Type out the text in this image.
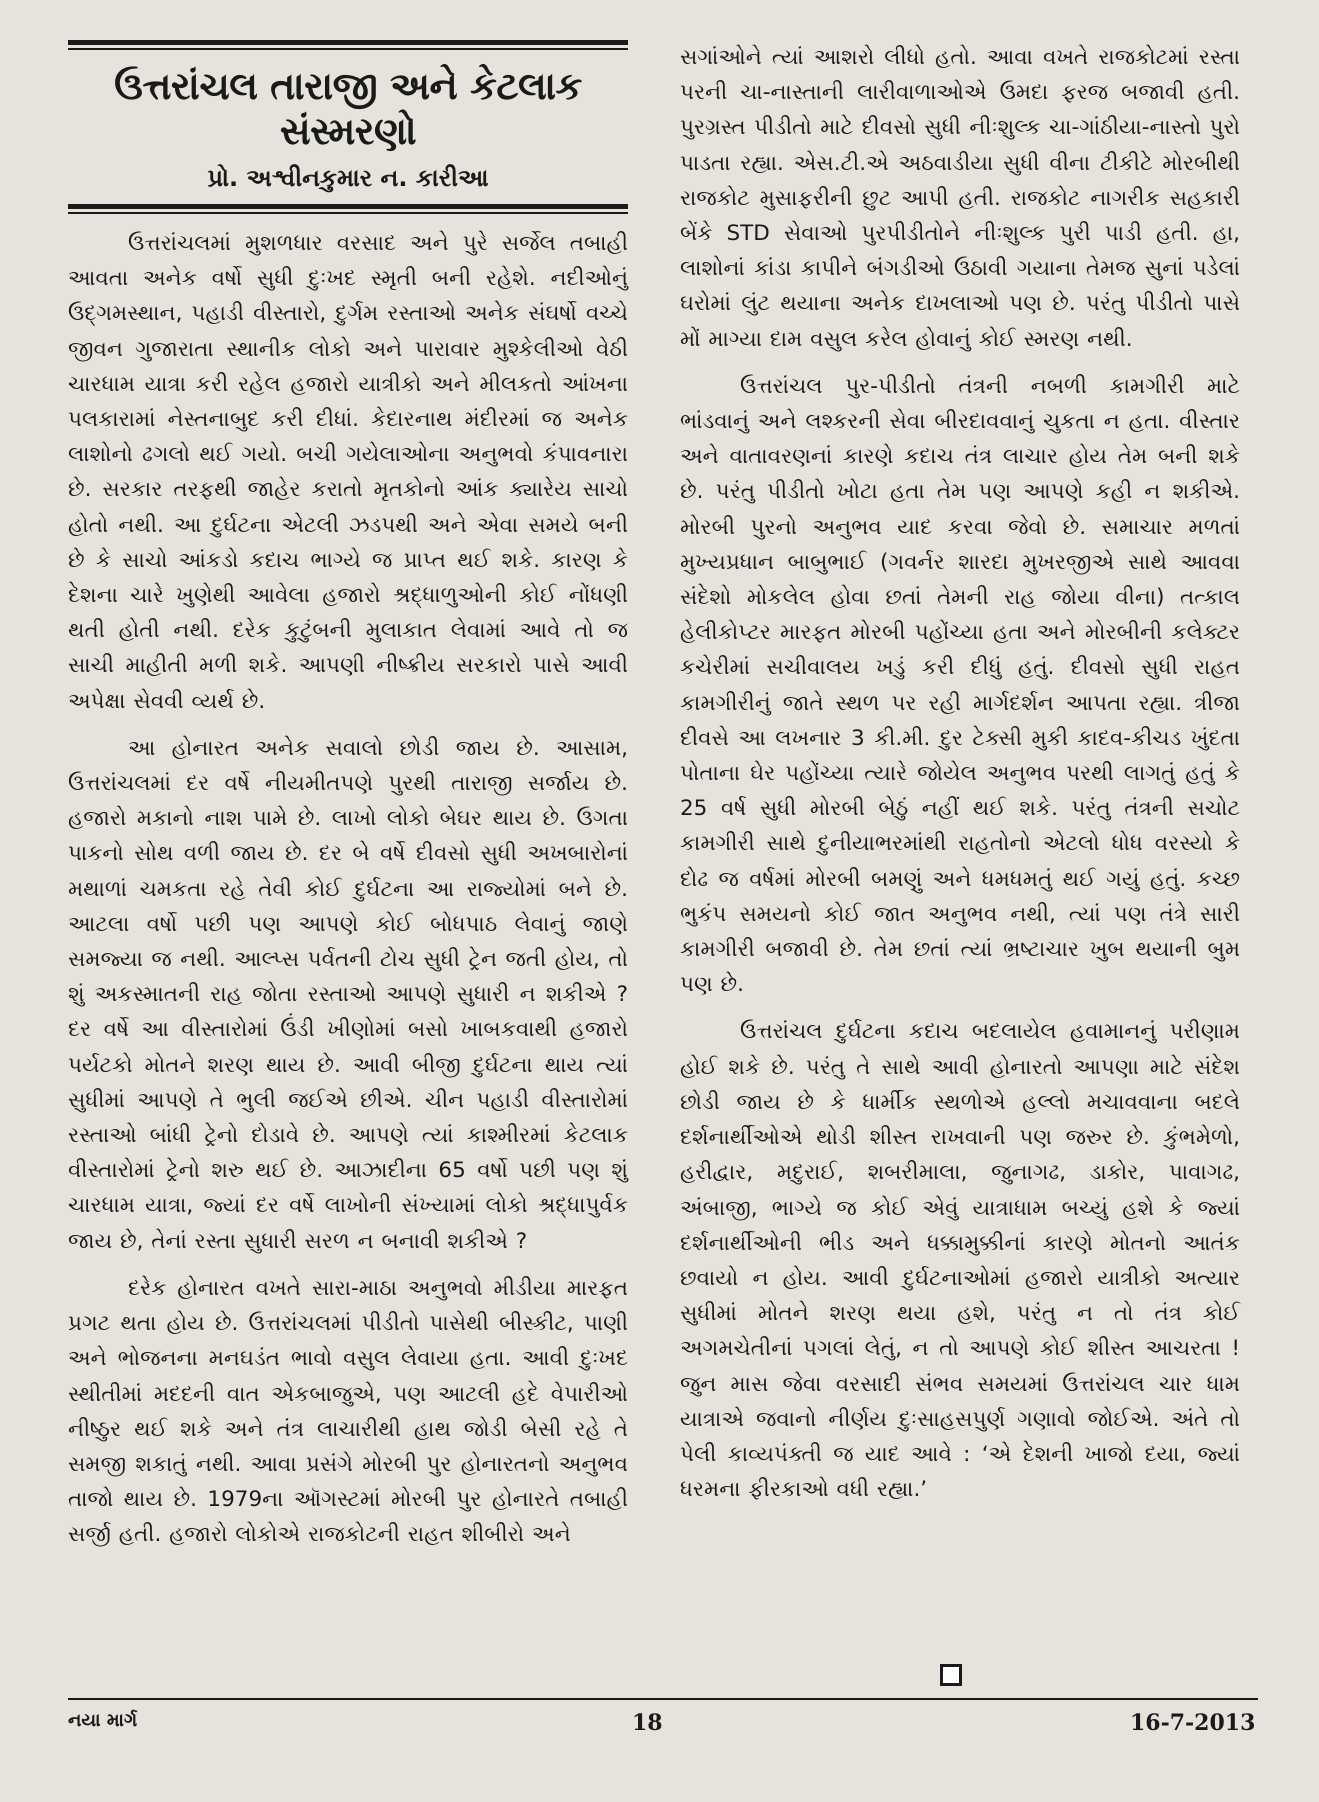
ઉત્તરાંચલ તારાજી અને કેટલાક સંસ્મરણો
પ્રો. અશ્વીનકુમાર ન. કારીઆ

ઉત્તરાંચલમાં મુશળધાર વરસાદ અને પુરે સર્જેલ તબાહી આવતા અનેક વર્ષો સુધી દુઃખદ સ્મૃતી બની રહેશે. નદીઓનું ઉદ્ગમસ્થાન, પહાડી વીસ્તારો, દુર્ગમ રસ્તાઓ અનેક સંઘર્ષો વચ્ચે જીવન ગુજારાતા સ્થાનીક લોકો અને પારાવાર મુશ્કેલીઓ વેઠી ચારધામ યાત્રા કરી રહેલ હજારો યાત્રીકો અને મીલકતો આંખના પલકારામાં નેસ્તનાબુદ કરી દીધાં. કેદારનાથ મંદીરમાં જ અનેક લાશોનો ઢગલો થઈ ગયો. બચી ગયેલાઓના અનુભવો કંપાવનારા છે. સરકાર તરફથી જાહેર કરાતો મૃતકોનો આંક ક્યારેય સાચો હોતો નથી. આ દુર્ઘટના એટલી ઝડપથી અને એવા સમયે બની છે કે સાચો આંકડો કદાચ ભાગ્યે જ પ્રાપ્ત થઈ શકે. કારણ કે દેશના ચારે ખુણેથી આવેલા હજારો શ્રદ્ધાળુઓની કોઈ નોંધણી થતી હોતી નથી. દરેક કુટુંબની મુલાકાત લેવામાં આવે તો જ સાચી માહીતી મળી શકે. આપણી નીષ્ક્રીય સરકારો પાસે આવી અપેક્ષા સેવવી વ્યર્થ છે.

આ હોનારત અનેક સવાલો છોડી જાય છે. આસામ, ઉત્તરાંચલમાં દર વર્ષે નીયમીતપણે પુરથી તારાજી સર્જાય છે. હજારો મકાનો નાશ પામે છે. લાખો લોકો બેઘર થાય છે. ઉગતા પાકનો સોથ વળી જાય છે. દર બે વર્ષે દીવસો સુધી અખબારોનાં મથાળાં ચમકતા રહે તેવી કોઈ દુર્ઘટના આ રાજ્યોમાં બને છે. આટલા વર્ષો પછી પણ આપણે કોઈ બોધપાઠ લેવાનું જાણે સમજ્યા જ નથી. આલ્પ્સ પર્વતની ટોચ સુધી ટ્રેન જતી હોય, તો શું અકસ્માતની રાહ જોતા રસ્તાઓ આપણે સુધારી ન શકીએ ? દર વર્ષે આ વીસ્તારોમાં ઉંડી ખીણોમાં બસો ખાબકવાથી હજારો પર્યટકો મોતને શરણ થાય છે. આવી બીજી દુર્ઘટના થાય ત્યાં સુધીમાં આપણે તે ભુલી જઈએ છીએ. ચીન પહાડી વીસ્તારોમાં રસ્તાઓ બાંધી ટ્રેનો દોડાવે છે. આપણે ત્યાં કાશ્મીરમાં કેટલાક વીસ્તારોમાં ટ્રેનો શરુ થઈ છે. આઝાદીના 65 વર્ષો પછી પણ શું ચારધામ યાત્રા, જ્યાં દર વર્ષે લાખોની સંખ્યામાં લોકો શ્રદ્ધાપુર્વક જાય છે, તેનાં રસ્તા સુધારી સરળ ન બનાવી શકીએ ?

દરેક હોનારત વખતે સારા-માઠા અનુભવો મીડીયા મારફત પ્રગટ થતા હોય છે. ઉત્તરાંચલમાં પીડીતો પાસેથી બીસ્કીટ, પાણી અને ભોજનના મનઘડંત ભાવો વસુલ લેવાયા હતા. આવી દુઃખદ સ્થીતીમાં મદદની વાત એકબાજુએ, પણ આટલી હદે વેપારીઓ નીષ્ઠુર થઈ શકે અને તંત્ર લાચારીથી હાથ જોડી બેસી રહે તે સમજી શકાતું નથી. આવા પ્રસંગે મોરબી પુર હોનારતનો અનુભવ તાજો થાય છે. 1979ના ઑગસ્ટમાં મોરબી પુર હોનારતે તબાહી સર્જી હતી. હજારો લોકોએ રાજકોટની રાહત શીબીરો અને

સગાંઓને ત્યાં આશરો લીધો હતો. આવા વખતે રાજકોટમાં રસ્તા પરની ચા-નાસ્તાની લારીવાળાઓએ ઉમદા ફરજ બજાવી હતી. પુરગ્રસ્ત પીડીતો માટે દીવસો સુધી નીઃશુલ્ક ચા-ગાંઠીયા-નાસ્તો પુરો પાડતા રહ્યા. એસ.ટી.એ અઠવાડીયા સુધી વીના ટીકીટે મોરબીથી રાજકોટ મુસાફરીની છુટ આપી હતી. રાજકોટ નાગરીક સહકારી બેંકે STD સેવાઓ પુરપીડીતોને નીઃશુલ્ક પુરી પાડી હતી. હા, લાશોનાં કાંડા કાપીને બંગડીઓ ઉઠાવી ગયાના તેમજ સુનાં પડેલાં ઘરોમાં લુંટ થયાના અનેક દાખલાઓ પણ છે. પરંતુ પીડીતો પાસે મોં માગ્યા દામ વસુલ કરેલ હોવાનું કોઈ સ્મરણ નથી.

ઉત્તરાંચલ પુર-પીડીતો તંત્રની નબળી કામગીરી માટે ભાંડવાનું અને લશ્કરની સેવા બીરદાવવાનું ચુકતા ન હતા. વીસ્તાર અને વાતાવરણનાં કારણે કદાચ તંત્ર લાચાર હોય તેમ બની શકે છે. પરંતુ પીડીતો ખોટા હતા તેમ પણ આપણે કહી ન શકીએ. મોરબી પુરનો અનુભવ યાદ કરવા જેવો છે. સમાચાર મળતાં મુખ્યપ્રધાન બાબુભાઈ (ગવર્નર શારદા મુખરજીએ સાથે આવવા સંદેશો મોકલેલ હોવા છતાં તેમની રાહ જોયા વીના) તત્કાલ હેલીકોપ્ટર મારફત મોરબી પહોંચ્યા હતા અને મોરબીની કલેક્ટર કચેરીમાં સચીવાલય ખડું કરી દીધું હતું. દીવસો સુધી રાહત કામગીરીનું જાતે સ્થળ પર રહી માર્ગદર્શન આપતા રહ્યા. ત્રીજા દીવસે આ લખનાર 3 કી.મી. દુર ટેક્સી મુકી કાદવ-કીચડ ખુંદતા પોતાના ઘેર પહોંચ્યા ત્યારે જોયેલ અનુભવ પરથી લાગતું હતું કે 25 વર્ષ સુધી મોરબી બેઠું નહીં થઈ શકે. પરંતુ તંત્રની સચોટ કામગીરી સાથે દુનીયાભરમાંથી રાહતોનો એટલો ધોધ વરસ્યો કે દોઢ જ વર્ષમાં મોરબી બમણું અને ધમધમતું થઈ ગયું હતું. કચ્છ ભુકંપ સમયનો કોઈ જાત અનુભવ નથી, ત્યાં પણ તંત્રે સારી કામગીરી બજાવી છે. તેમ છતાં ત્યાં ભ્રષ્ટાચાર ખુબ થયાની બુમ પણ છે.

ઉત્તરાંચલ દુર્ઘટના કદાચ બદલાયેલ હવામાનનું પરીણામ હોઈ શકે છે. પરંતુ તે સાથે આવી હોનારતો આપણા માટે સંદેશ છોડી જાય છે કે ધાર્મીક સ્થળોએ હલ્લો મચાવવાના બદલે દર્શનાર્થીઓએ થોડી શીસ્ત રાખવાની પણ જરુર છે. કુંભમેળો, હરીદ્વાર, મદુરાઈ, શબરીમાલા, જુનાગઢ, ડાકોર, પાવાગઢ, અંબાજી, ભાગ્યે જ કોઈ એવું યાત્રાધામ બચ્યું હશે કે જ્યાં દર્શનાર્થીઓની ભીડ અને ધક્કામુક્કીનાં કારણે મોતનો આતંક છવાયો ન હોય. આવી દુર્ઘટનાઓમાં હજારો યાત્રીકો અત્યાર સુધીમાં મોતને શરણ થયા હશે, પરંતુ ન તો તંત્ર કોઈ અગમચેતીનાં પગલાં લેતું, ન તો આપણે કોઈ શીસ્ત આચરતા ! જુન માસ જેવા વરસાદી સંભવ સમયમાં ઉત્તરાંચલ ચાર ધામ યાત્રાએ જવાનો નીર્ણય દુઃસાહસપુર્ણ ગણાવો જોઈએ. અંતે તો પેલી કાવ્યપંક્તી જ યાદ આવે : ‘એ દેશની ખાજો દયા, જ્યાં ધરમના ફીરકાઓ વધી રહ્યા.’

નયા માર્ગ	18	16-7-2013
